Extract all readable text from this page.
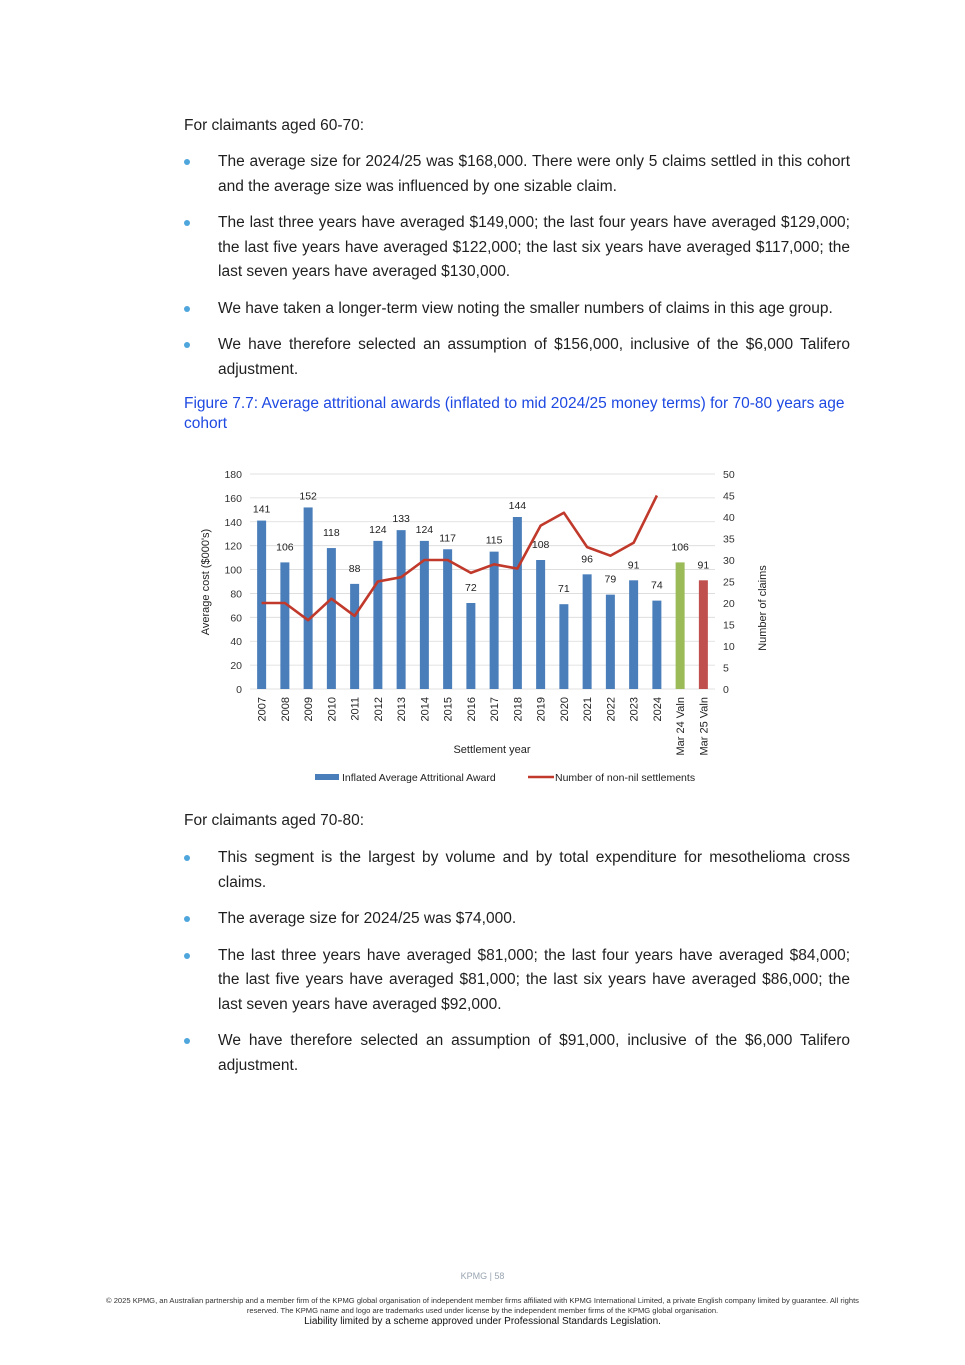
For claimants aged 60-70:
The average size for 2024/25 was $168,000. There were only 5 claims settled in this cohort and the average size was influenced by one sizable claim.
The last three years have averaged $149,000; the last four years have averaged $129,000; the last five years have averaged $122,000; the last six years have averaged $117,000; the last seven years have averaged $130,000.
We have taken a longer-term view noting the smaller numbers of claims in this age group.
We have therefore selected an assumption of $156,000, inclusive of the $6,000 Talifero adjustment.
Figure 7.7: Average attritional awards (inflated to mid 2024/25 money terms) for 70-80 years age cohort
141
106
152
118
88
124
133
124
117
72
115
144
108
71
96
79
91
74
106
91
0
20
40
60
80
100
120
140
160
180
0
5
10
15
20
25
30
35
40
45
50
2007 2008 2009 2010 2011 2012 2013 2014 2015 2016 2017 2018 2019 2020 2021 2022 2023 2024 Mar 24 Valn Mar 25 Valn
Average cost ($000's)	Number of claims
Settlement year
Inflated Average Attritional Award	Number of non-nil settlements
For claimants aged 70-80:
This segment is the largest by volume and by total expenditure for mesothelioma cross claims.
The average size for 2024/25 was $74,000.
The last three years have averaged $81,000; the last four years have averaged $84,000; the last five years have averaged $81,000; the last six years have averaged $86,000; the last seven years have averaged $92,000.
We have therefore selected an assumption of $91,000, inclusive of the $6,000 Talifero adjustment.
KPMG | 58
© 2025 KPMG, an Australian partnership and a member firm of the KPMG global organisation of independent member firms affiliated with KPMG International Limited, a private English company limited by guarantee. All rights reserved. The KPMG name and logo are trademarks used under license by the independent member firms of the KPMG global organisation.
Liability limited by a scheme approved under Professional Standards Legislation.
